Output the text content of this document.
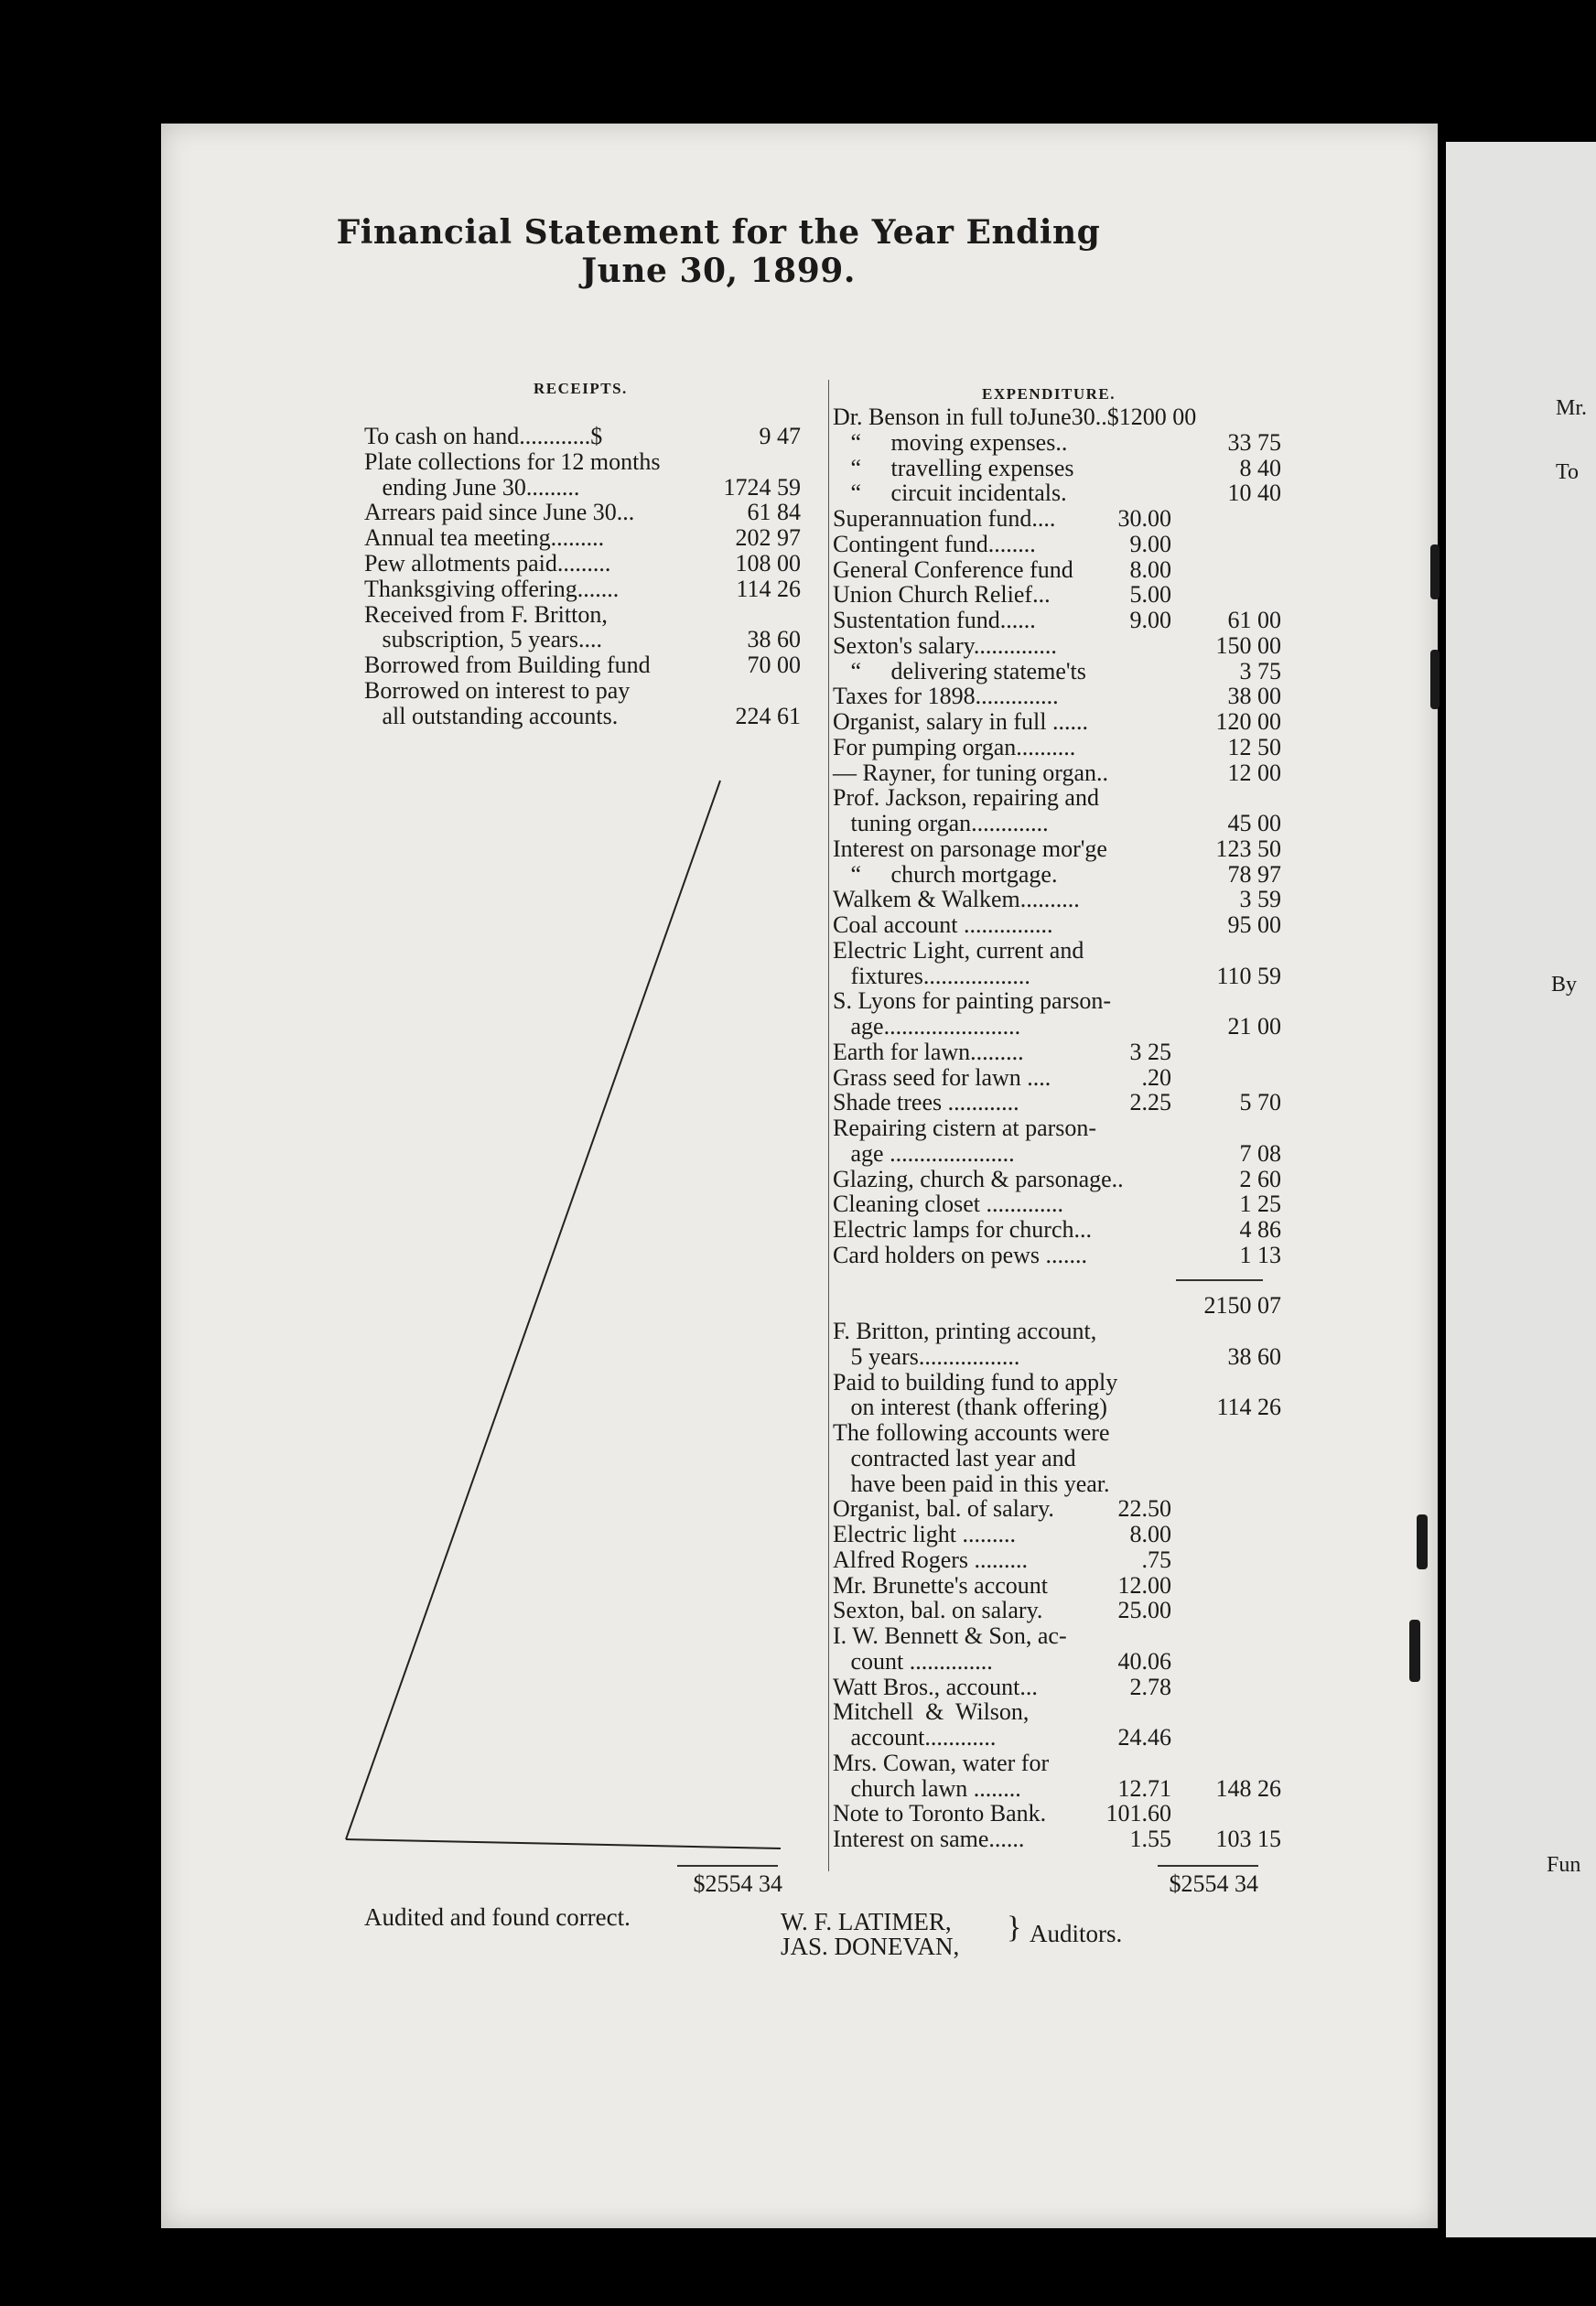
Financial Statement for the Year Ending June 30, 1899.
RECEIPTS.	EXPENDITURE.
To cash on hand............$	9 47
Plate collections for 12 months
ending June 30.........	1724 59
Arrears paid since June 30...	61 84
Annual tea meeting.........	202 97
Pew allotments paid.........	108 00
Thanksgiving offering.......	114 26
Received from F. Britton,
subscription, 5 years....	38 60
Borrowed from Building fund	70 00
Borrowed on interest to pay
all outstanding accounts.	224 61
Dr. Benson in full toJune30..$1200 00
“     moving expenses..	33 75
“     travelling expenses	8 40
“     circuit incidentals.	10 40
Superannuation fund....	30.00
Contingent fund........	9.00
General Conference fund	8.00
Union Church Relief...	5.00
Sustentation fund......	9.00	61 00
Sexton's salary..............	150 00
“     delivering stateme'ts	3 75
Taxes for 1898..............	38 00
Organist, salary in full ......	120 00
For pumping organ..........	12 50
— Rayner, for tuning organ..	12 00
Prof. Jackson, repairing and
tuning organ.............	45 00
Interest on parsonage mor'ge	123 50
“     church mortgage.	78 97
Walkem & Walkem..........	3 59
Coal account ...............	95 00
Electric Light, current and
fixtures..................	110 59
S. Lyons for painting parson-
age.......................	21 00
Earth for lawn.........	3 25
Grass seed for lawn ....	.20
Shade trees ............	2.25	5 70
Repairing cistern at parson-
age .....................	7 08
Glazing, church & parsonage..	2 60
Cleaning closet .............	1 25
Electric lamps for church...	4 86
Card holders on pews .......	1 13
2150 07
F. Britton, printing account,
5 years.................	38 60
Paid to building fund to apply
on interest (thank offering)	114 26
The following accounts were
contracted last year and
have been paid in this year.
Organist, bal. of salary.	22.50
Electric light .........	8.00
Alfred Rogers .........	.75
Mr. Brunette's account	12.00
Sexton, bal. on salary.	25.00
I. W. Bennett & Son, ac-
count ..............	40.06
Watt Bros., account...	2.78
Mitchell  &  Wilson,
account............	24.46
Mrs. Cowan, water for
church lawn ........	12.71	148 26
Note to Toronto Bank.	101.60
Interest on same......	1.55	103 15
$2554 34	$2554 34
Audited and found correct.	W. F. LATIMER,
JAS. DONEVAN,
} Auditors.
Mr.
To
By
Fun
